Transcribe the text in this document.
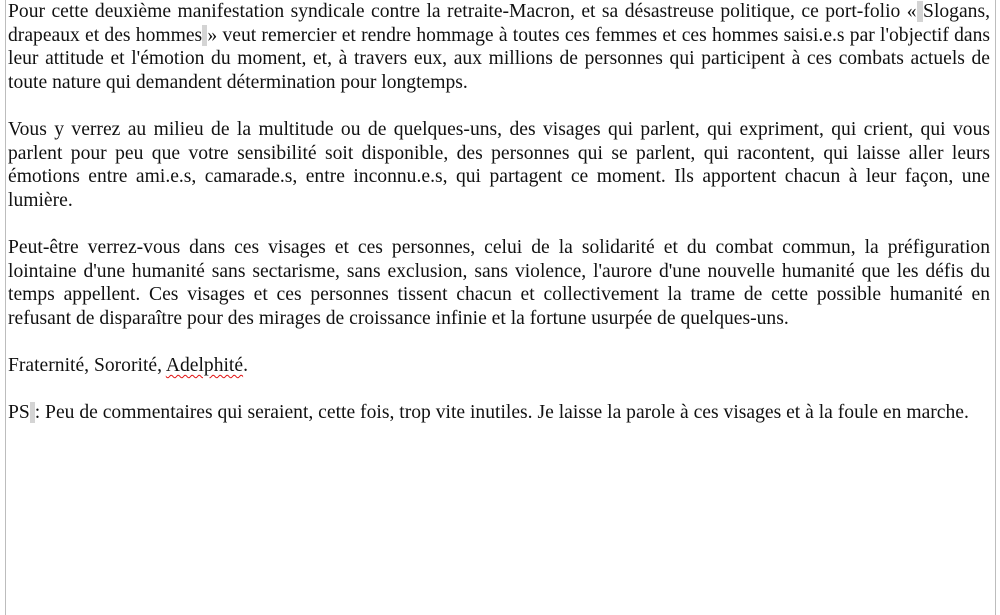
Pour cette deuxième manifestation syndicale contre la retraite-Macron, et sa désastreuse politique, ce port-folio « Slogans, drapeaux et des hommes » veut remercier et rendre hommage à toutes ces femmes et ces hommes saisi.e.s par l'objectif dans leur attitude et l'émotion du moment, et, à travers eux, aux millions de personnes qui participent à ces combats actuels de toute nature qui demandent détermination pour longtemps.

Vous y verrez au milieu de la multitude ou de quelques-uns, des visages qui parlent, qui expriment, qui crient, qui vous parlent pour peu que votre sensibilité soit disponible, des personnes qui se parlent, qui racontent, qui laisse aller leurs émotions entre ami.e.s, camarade.s, entre inconnu.e.s, qui partagent ce moment. Ils apportent chacun à leur façon, une lumière.

Peut-être verrez-vous dans ces visages et ces personnes, celui de la solidarité et du combat commun, la préfiguration lointaine d'une humanité sans sectarisme, sans exclusion, sans violence, l'aurore d'une nouvelle humanité que les défis du temps appellent. Ces visages et ces personnes tissent chacun et collectivement la trame de cette possible humanité en refusant de disparaître pour des mirages de croissance infinie et la fortune usurpée de quelques-uns.

Fraternité, Sororité, Adelphité.

PS : Peu de commentaires qui seraient, cette fois, trop vite inutiles. Je laisse la parole à ces visages et à la foule en marche.
